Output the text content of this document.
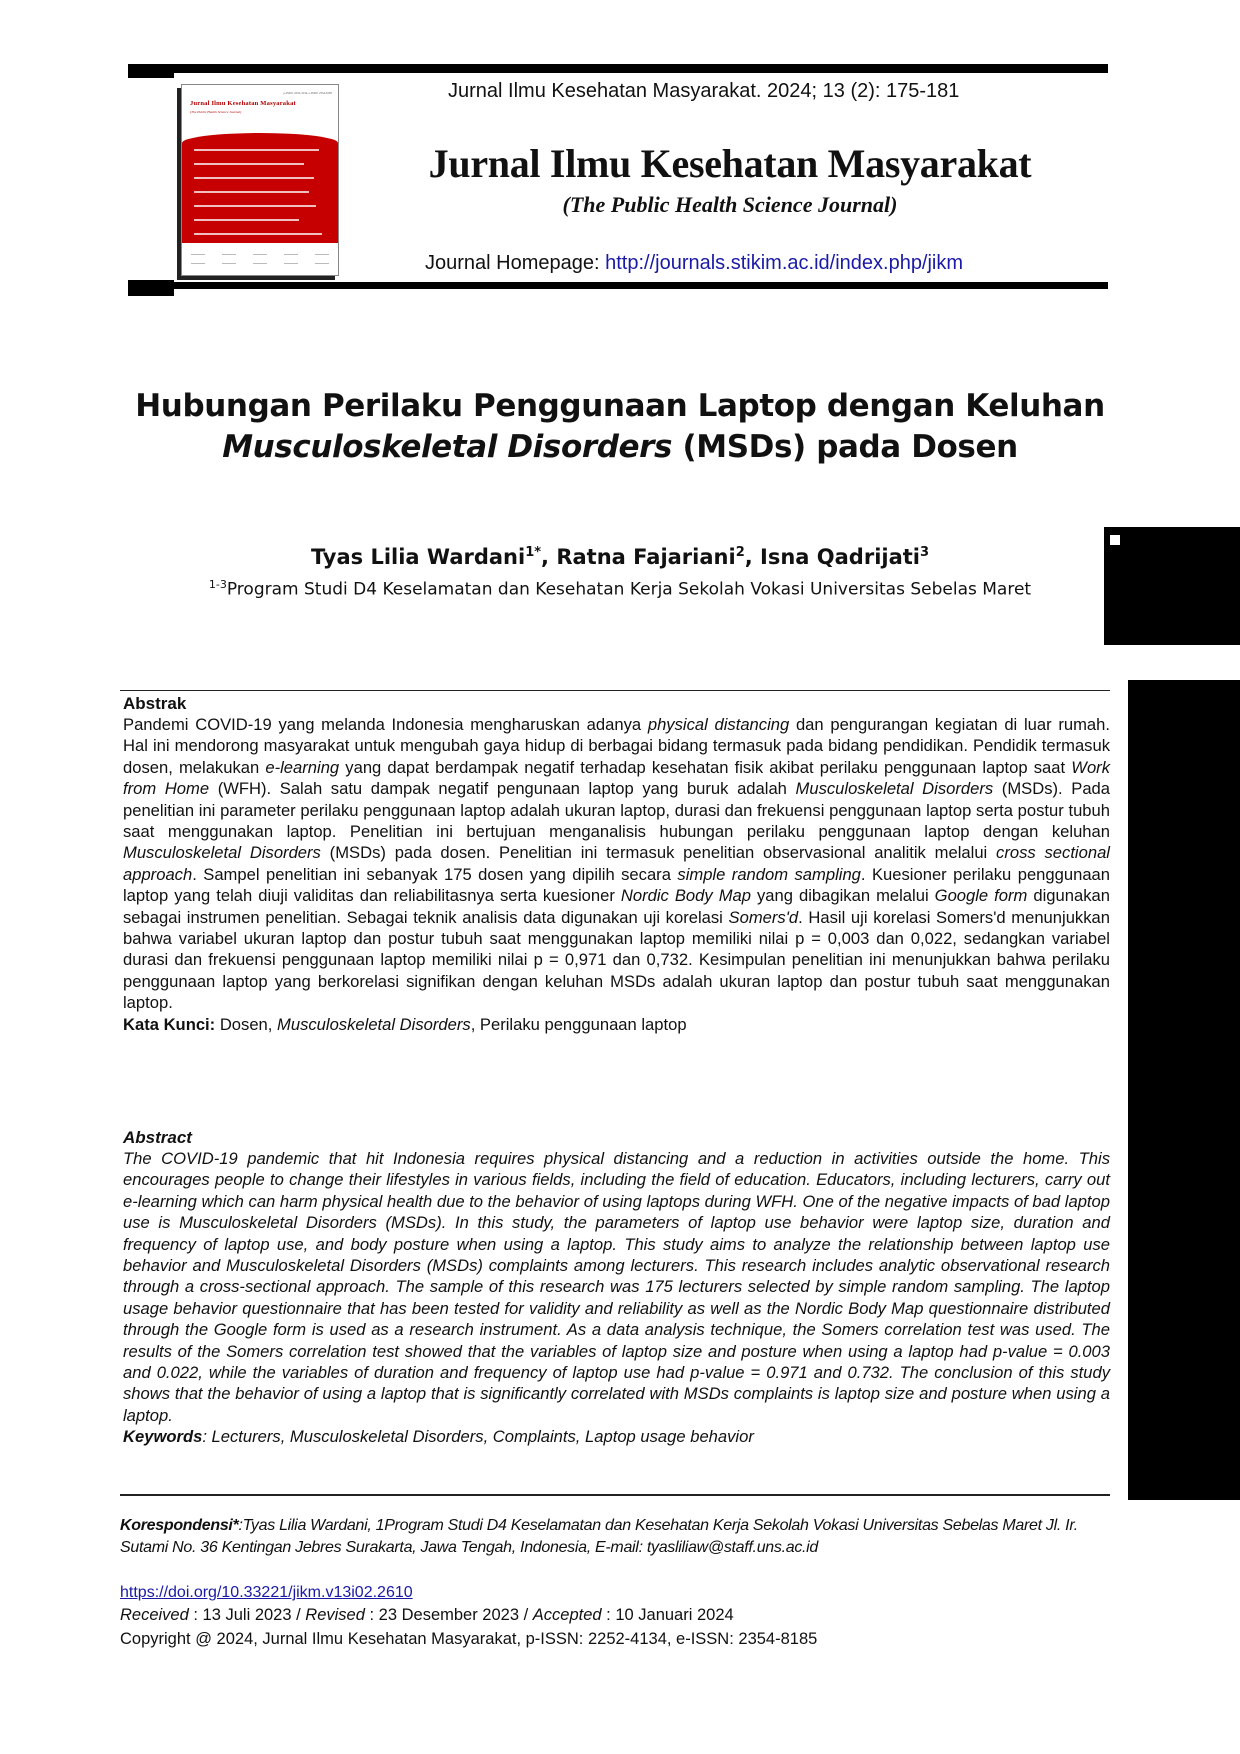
p-ISSN: 2252-4134, e-ISSN: 2354-8185
Jurnal Ilmu Kesehatan Masyarakat
(The Public Health Science Journal)
Jurnal Ilmu Kesehatan Masyarakat. 2024; 13 (2): 175-181
Jurnal Ilmu Kesehatan Masyarakat
(The Public Health Science Journal)
Journal Homepage: http://journals.stikim.ac.id/index.php/jikm
Hubungan Perilaku Penggunaan Laptop dengan Keluhan
Musculoskeletal Disorders (MSDs) pada Dosen
Tyas Lilia Wardani$^{1*}$, Ratna Fajariani$^2$, Isna Qadrijati$^3$
$^{1-3}$Program Studi D4 Keselamatan dan Kesehatan Kerja Sekolah Vokasi Universitas Sebelas Maret
Abstrak
Pandemi COVID-19 yang melanda Indonesia mengharuskan adanya physical distancing dan pengurangan kegiatan di luar rumah. Hal ini mendorong masyarakat untuk mengubah gaya hidup di berbagai bidang termasuk pada bidang pendidikan. Pendidik termasuk dosen, melakukan e-learning yang dapat berdampak negatif terhadap kesehatan fisik akibat perilaku penggunaan laptop saat Work from Home (WFH). Salah satu dampak negatif pengunaan laptop yang buruk adalah Musculoskeletal Disorders (MSDs). Pada penelitian ini parameter perilaku penggunaan laptop adalah ukuran laptop, durasi dan frekuensi penggunaan laptop serta postur tubuh saat menggunakan laptop. Penelitian ini bertujuan menganalisis hubungan perilaku penggunaan laptop dengan keluhan Musculoskeletal Disorders (MSDs) pada dosen. Penelitian ini termasuk penelitian observasional analitik melalui cross sectional approach. Sampel penelitian ini sebanyak 175 dosen yang dipilih secara simple random sampling. Kuesioner perilaku penggunaan laptop yang telah diuji validitas dan reliabilitasnya serta kuesioner Nordic Body Map yang dibagikan melalui Google form digunakan sebagai instrumen penelitian. Sebagai teknik analisis data digunakan uji korelasi Somers'd. Hasil uji korelasi Somers'd menunjukkan bahwa variabel ukuran laptop dan postur tubuh saat menggunakan laptop memiliki nilai p = 0,003 dan 0,022, sedangkan variabel durasi dan frekuensi penggunaan laptop memiliki nilai p = 0,971 dan 0,732. Kesimpulan penelitian ini menunjukkan bahwa perilaku penggunaan laptop yang berkorelasi signifikan dengan keluhan MSDs adalah ukuran laptop dan postur tubuh saat menggunakan laptop.
Kata Kunci: Dosen, Musculoskeletal Disorders, Perilaku penggunaan laptop
Abstract
The COVID-19 pandemic that hit Indonesia requires physical distancing and a reduction in activities outside the home. This encourages people to change their lifestyles in various fields, including the field of education. Educators, including lecturers, carry out e-learning which can harm physical health due to the behavior of using laptops during WFH. One of the negative impacts of bad laptop use is Musculoskeletal Disorders (MSDs). In this study, the parameters of laptop use behavior were laptop size, duration and frequency of laptop use, and body posture when using a laptop. This study aims to analyze the relationship between laptop use behavior and Musculoskeletal Disorders (MSDs) complaints among lecturers. This research includes analytic observational research through a cross-sectional approach. The sample of this research was 175 lecturers selected by simple random sampling. The laptop usage behavior questionnaire that has been tested for validity and reliability as well as the Nordic Body Map questionnaire distributed through the Google form is used as a research instrument. As a data analysis technique, the Somers correlation test was used. The results of the Somers correlation test showed that the variables of laptop size and posture when using a laptop had p-value = 0.003 and 0.022, while the variables of duration and frequency of laptop use had p-value = 0.971 and 0.732. The conclusion of this study shows that the behavior of using a laptop that is significantly correlated with MSDs complaints is laptop size and posture when using a laptop.
Keywords: Lecturers, Musculoskeletal Disorders, Complaints, Laptop usage behavior
Korespondensi*:Tyas Lilia Wardani, 1Program Studi D4 Keselamatan dan Kesehatan Kerja Sekolah Vokasi Universitas Sebelas Maret Jl. Ir. Sutami No. 36 Kentingan Jebres Surakarta, Jawa Tengah, Indonesia, E-mail: tyasliliaw@staff.uns.ac.id
https://doi.org/10.33221/jikm.v13i02.2610
Received : 13 Juli 2023 / Revised : 23 Desember 2023 / Accepted : 10 Januari 2024
Copyright @ 2024, Jurnal Ilmu Kesehatan Masyarakat, p-ISSN: 2252-4134, e-ISSN: 2354-8185
